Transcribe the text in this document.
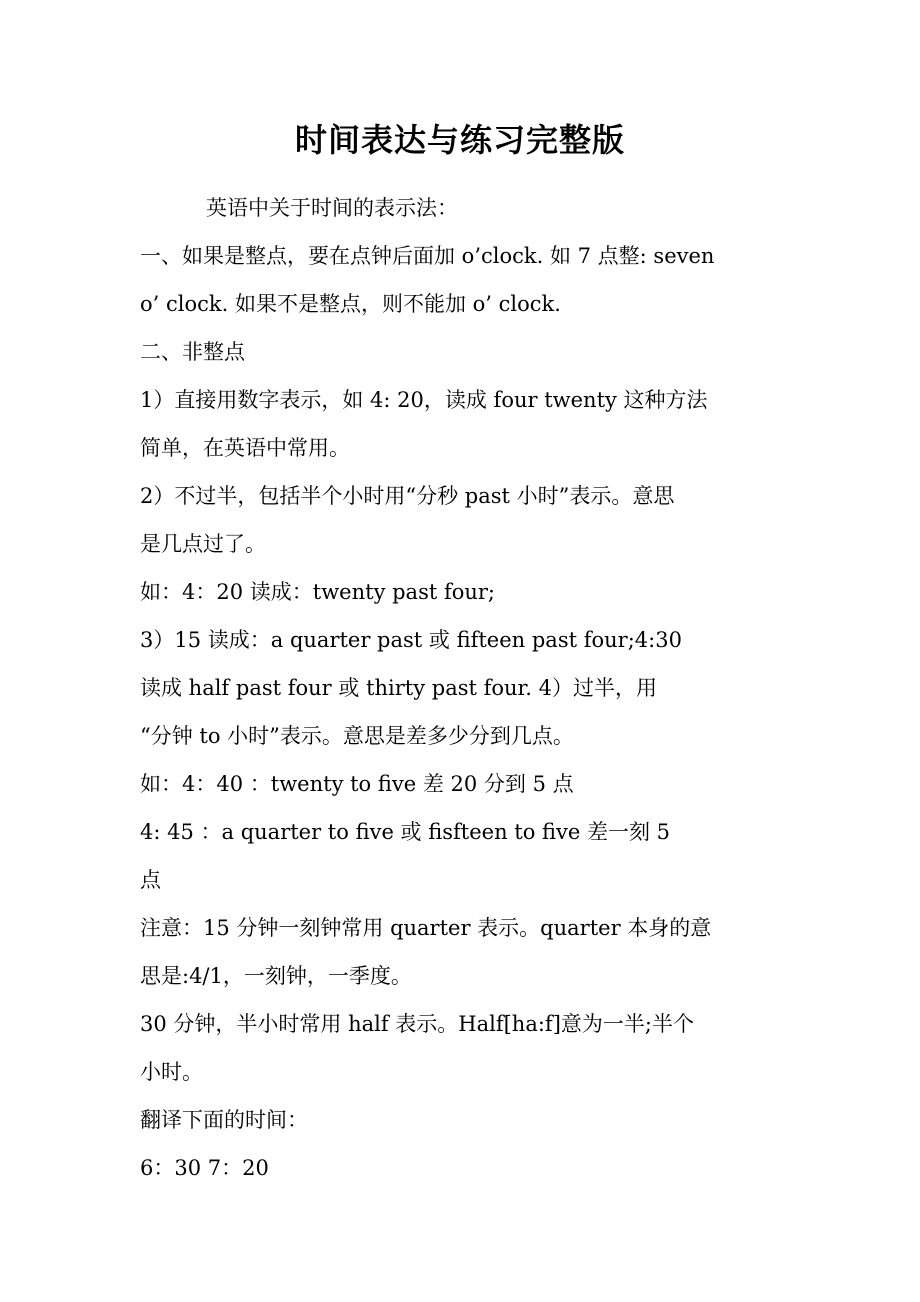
时间表达与练习完整版

英语中关于时间的表示法：

一、如果是整点，要在点钟后面加 o’clock. 如 7 点整: seven

o’ clock. 如果不是整点，则不能加 o’ clock.

二、非整点

1）直接用数字表示，如 4: 20，读成 four twenty 这种方法

简单，在英语中常用。

2）不过半，包括半个小时用“分秒 past 小时”表示。意思

是几点过了。

如：4：20 读成：twenty past four;

3）15 读成：a quarter past 或 fifteen past four;4:30

读成 half past four 或 thirty past four. 4）过半，用

“分钟 to 小时”表示。意思是差多少分到几点。

如：4：40 ：twenty to five 差 20 分到 5 点

4: 45 ：a quarter to five 或 fisfteen to five 差一刻 5

点

注意：15 分钟一刻钟常用 quarter 表示。quarter 本身的意

思是:4/1，一刻钟，一季度。

30 分钟，半小时常用 half 表示。Half[ha:f]意为一半;半个

小时。

翻译下面的时间：

6：30 7：20
